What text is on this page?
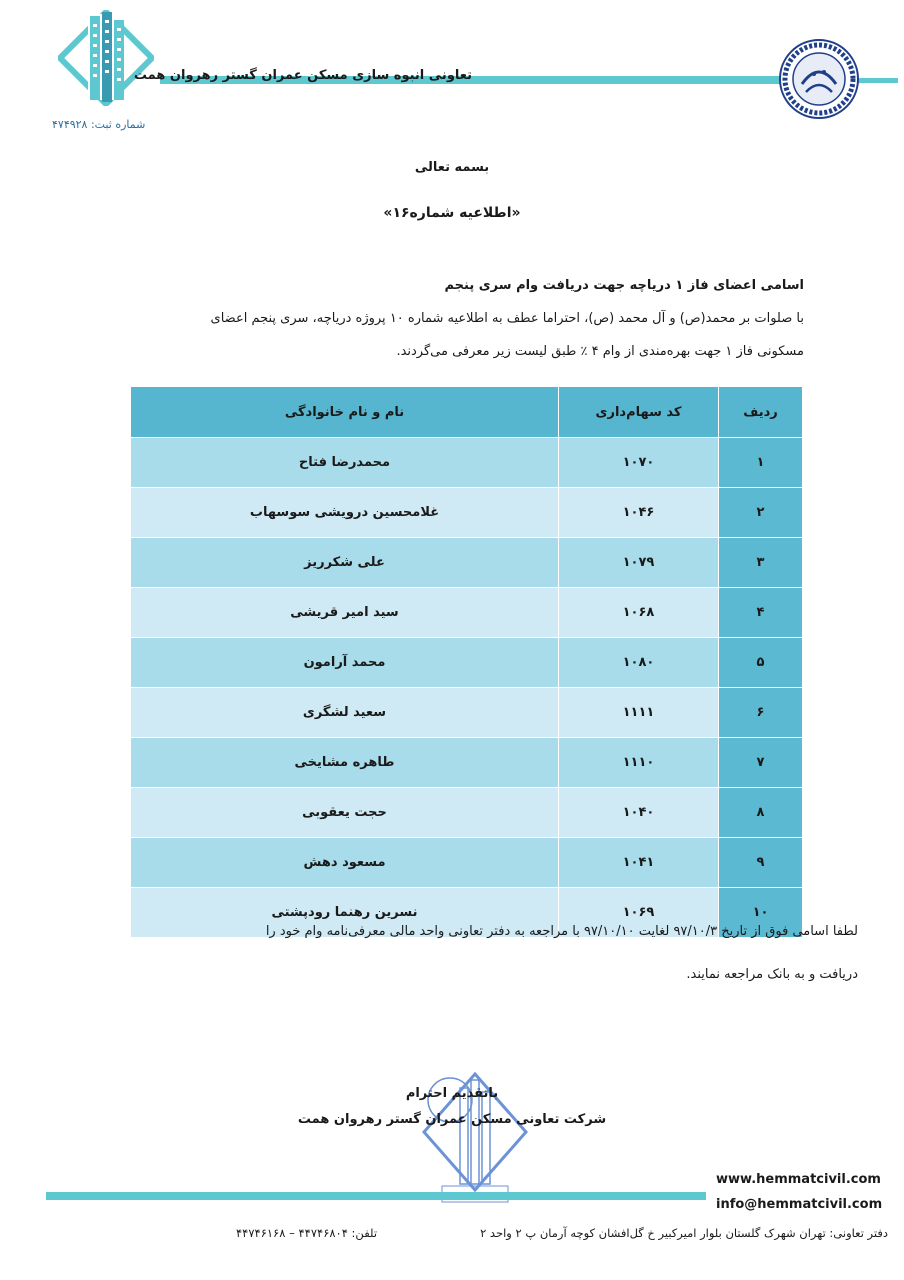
تعاونی انبوه سازی مسکن عمران گستر رهروان همت
شماره ثبت: ۴۷۴۹۲۸
بسمه تعالی
«اطلاعیه شماره۱۶»
اسامی اعضای فاز ۱ دریاچه جهت دریافت وام سری پنجم
با صلوات بر محمد(ص) و آل محمد (ص)، احتراما عطف به اطلاعیه شماره ۱۰ پروژه دریاچه، سری پنجم اعضای
مسکونی فاز ۱ جهت بهره‌مندی از وام ۴ ٪ طبق لیست زیر معرفی می‌گردند.
ردیف	کد سهام‌داری	نام و نام خانوادگی
۱	۱۰۷۰	محمدرضا فتاح
۲	۱۰۴۶	غلامحسین درویشی سوسهاب
۳	۱۰۷۹	علی شکرریز
۴	۱۰۶۸	سید امیر قریشی
۵	۱۰۸۰	محمد آرامون
۶	۱۱۱۱	سعید لشگری
۷	۱۱۱۰	طاهره مشایخی
۸	۱۰۴۰	حجت یعقوبی
۹	۱۰۴۱	مسعود دهش
۱۰	۱۰۶۹	نسرین رهنما رودپشتی
لطفا اسامی فوق از تاریخ ۹۷/۱۰/۳ لغایت ۹۷/۱۰/۱۰ با مراجعه به دفتر تعاونی واحد مالی معرفی‌نامه وام خود را
دریافت و به بانک مراجعه نمایند.
باتقدیم احترام
شرکت تعاونی مسکن عمران گستر رهروان همت
www.hemmatcivil.com
info@hemmatcivil.com
دفتر تعاونی: تهران شهرک گلستان بلوار امیرکبیر خ گل‌افشان کوچه آرمان پ ۲ واحد ۲
تلفن: ۴۴۷۴۶۸۰۴ – ۴۴۷۴۶۱۶۸
